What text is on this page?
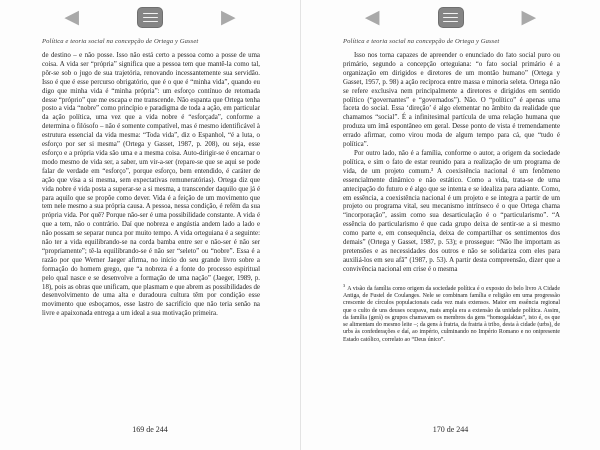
◀	▶
Política e teoria social na concepção de Ortega y Gasset

de destino – e não posse. Isso não está certo a pessoa como a posse de uma coisa. A vida ser “própria” significa que a pessoa tem que mantê-la como tal, pôr-se sob o jugo de sua trajetória, renovando incessantemente sua servidão. Isso é que é esse percurso obrigatório, que é o que é “minha vida”, quando eu digo que minha vida é “minha própria”: um esforço contínuo de retomada desse “próprio” que me escapa e me transcende. Não espanta que Ortega tenha posto a vida “nobre” como princípio e paradigma de toda a ação, em particular da ação política, uma vez que a vida nobre é “esforçada”, conforme a determina o filósofo – não é somente compatível, mas é mesmo identificável à estrutura essencial da vida mesma: “Toda vida”, diz o Espanhol, “é a luta, o esforço por ser si mesma” (Ortega y Gasset, 1987, p. 208), ou seja, esse esforço e a própria vida são uma e a mesma coisa. Auto-dirigir-se é encarnar o modo mesmo de vida ser, a saber, um vir-a-ser (repare-se que se aqui se pode falar de verdade em “esforço”, porque esforço, bem entendido, é caráter de ação que visa a si mesma, sem expectativas remuneratórias). Ortega diz que vida nobre é vida posta a superar-se a si mesma, a transcender daquilo que já é para aquilo que se propõe como dever. Vida é a feição de um movimento que tem nele mesmo a sua própria causa. A pessoa, nessa condição, é refém da sua própria vida. Por quê? Porque não-ser é uma possibilidade constante. A vida é que a tem, não o contrário. Daí que nobreza e angústia andem lado a lado e não possam se separar nunca por muito tempo. A vida orteguiana é a seguinte: não ter a vida equilibrando-se na corda bamba entre ser e não-ser é não ser “propriamente”; tê-la equilibrando-se é não ser “seleto” ou “nobre”. Essa é a razão por que Werner Jaeger afirma, no início do seu grande livro sobre a formação do homem grego, que “a nobreza é a fonte do processo espiritual pelo qual nasce e se desenvolve a formação de uma nação” (Jaeger, 1989, p. 18), pois as obras que unificam, que plasmam e que abrem as possibilidades de desenvolvimento de uma alta e duradoura cultura têm por condição esse movimento que esboçamos, esse lastro de sacrifício que não teria senão na livre e apaixonada entrega a um ideal a sua motivação primeira.

169 de 244
◀	▶
Política e teoria social na concepção de Ortega y Gasset

Isso nos torna capazes de apreender o enunciado do fato social puro ou primário, segundo a concepção orteguiana: “o fato social primário é a organização em dirigidos e diretores de um montão humano” (Ortega y Gasset, 1957, p. 98) a ação recíproca entre massa e minoria seleta. Ortega não se refere exclusiva nem principalmente a diretores e dirigidos em sentido político (“governantes” e “governados”). Não. O “político” é apenas uma faceta do social. Essa ‘direção’ é algo elementar no âmbito da realidade que chamamos “social”. É a infinitesimal partícula de uma relação humana que produza um ímã espontâneo em geral. Desse ponto de vista é tremendamente errado afirmar, como virou moda de algum tempo para cá, que “tudo é política”.

Por outro lado, não é a família, conforme o autor, a origem da sociedade política, e sim o fato de estar reunido para a realização de um programa de vida, de um projeto comum.³ A coexistência nacional é um fenômeno essencialmente dinâmico e não estático. Como a vida, trata-se de uma antecipação do futuro e é algo que se intenta e se idealiza para adiante. Como, em essência, a coexistência nacional é um projeto e se integra a partir de um projeto ou programa vital, seu mecanismo intrínseco é o que Ortega chama “incorporação”, assim como sua desarticulação é o “particularismo”. “A essência do particularismo é que cada grupo deixa de sentir-se a si mesmo como parte e, em consequência, deixa de compartilhar os sentimentos dos demais” (Ortega y Gasset, 1987, p. 53); e prossegue: “Não lhe importam as pretensões e as necessidades dos outros e não se solidariza com eles para auxiliá-los em seu afã” (1987, p. 53). A partir desta compreensão, dizer que a convivência nacional em crise é o mesma

$^3$A visão da família como origem da sociedade política é o exposto do belo livro A Cidade Antiga, de Fustel de Coulanges. Nele se combinam família e religião em uma progressão crescente de círculos populacionais cada vez mais extensos. Maior em essência regional que o culto de uns deuses ocupava, mais ampla era a extensão da unidade política. Assim, da família (gerá) os grupos chamavam os membros da gens “homogalaktas”, isto é, os que se alimentam do mesmo leite –; da gens à fratria, da fratria à tribo, desta à cidade (urbs), de urbs às confederações e daí, ao império, culminando no Império Romano e no onipresente Estado católico, correlato ao “Deus único”.
170 de 244
